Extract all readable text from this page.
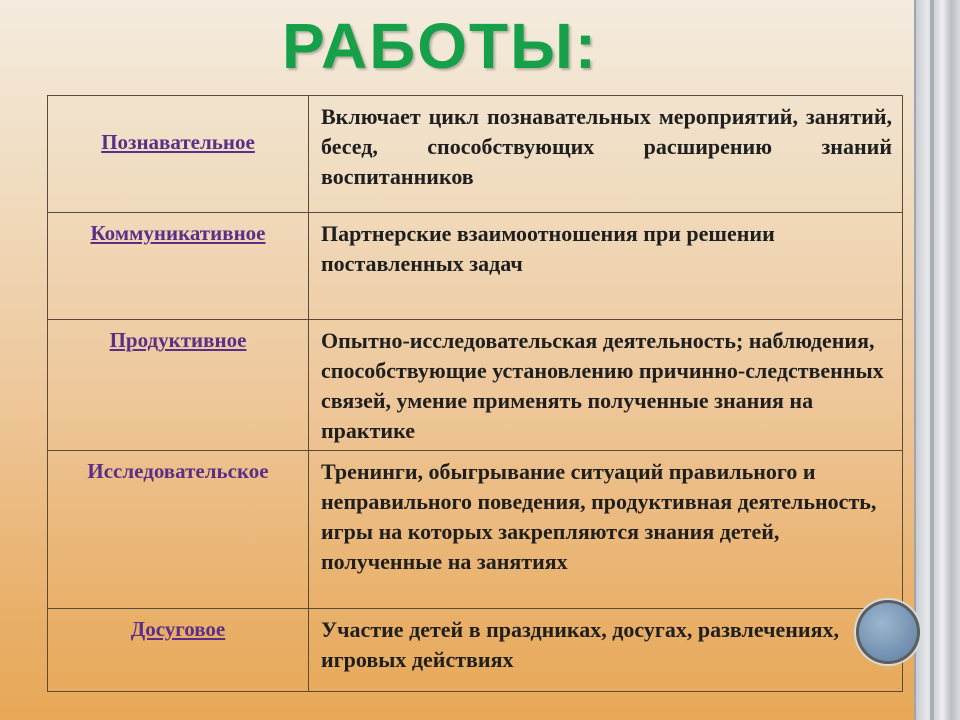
РАБОТЫ:
Познавательное	Включает цикл познавательных мероприятий, занятий, бесед, способствующих расширению знаний воспитанников
Коммуникативное	Партнерские взаимоотношения при решении поставленных задач
Продуктивное	Опытно-исследовательская деятельность; наблюдения, способствующие установлению причинно-следственных связей, умение применять полученные знания на практике
Исследовательское	Тренинги, обыгрывание ситуаций правильного и неправильного поведения, продуктивная деятельность, игры на которых закрепляются знания детей, полученные на занятиях
Досуговое	Участие детей в праздниках, досугах, развлечениях, игровых действиях
